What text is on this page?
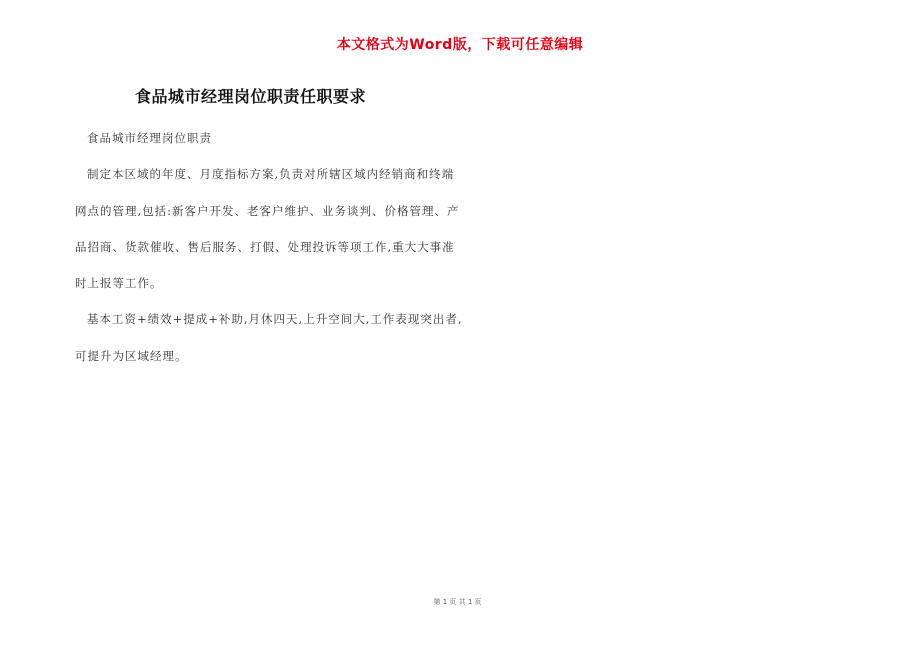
本文格式为Word版，下载可任意编辑
食品城市经理岗位职责任职要求
食品城市经理岗位职责
制定本区域的年度、月度指标方案,负责对所辖区域内经销商和终端
网点的管理,包括:新客户开发、老客户维护、业务谈判、价格管理、产
品招商、货款催收、售后服务、打假、处理投诉等项工作,重大大事准
时上报等工作。
基本工资+绩效+提成+补助,月休四天,上升空间大,工作表现突出者,
可提升为区域经理。
第 1 页 共 1 页
